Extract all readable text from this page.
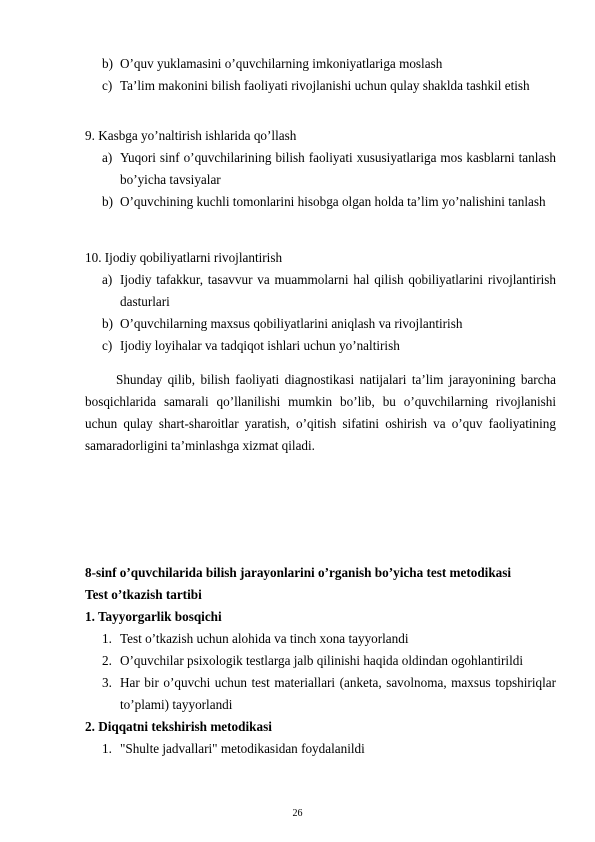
b) O’quv yuklamasini o’quvchilarning imkoniyatlariga moslash
c) Ta’lim makonini bilish faoliyati rivojlanishi uchun qulay shaklda tashkil etish
9. Kasbga yo’naltirish ishlarida qo’llash
a) Yuqori sinf o’quvchilarining bilish faoliyati xususiyatlariga mos kasblarni tanlash bo’yicha tavsiyalar
b) O’quvchining kuchli tomonlarini hisobga olgan holda ta’lim yo’nalishini tanlash
10. Ijodiy qobiliyatlarni rivojlantirish
a) Ijodiy tafakkur, tasavvur va muammolarni hal qilish qobiliyatlarini rivojlantirish dasturlari
b) O’quvchilarning maxsus qobiliyatlarini aniqlash va rivojlantirish
c) Ijodiy loyihalar va tadqiqot ishlari uchun yo’naltirish
Shunday qilib, bilish faoliyati diagnostikasi natijalari ta’lim jarayonining barcha bosqichlarida samarali qo’llanilishi mumkin bo’lib, bu o’quvchilarning rivojlanishi uchun qulay shart-sharoitlar yaratish, o’qitish sifatini oshirish va o’quv faoliyatining samaradorligini ta’minlashga xizmat qiladi.
8-sinf o’quvchilarida bilish jarayonlarini o’rganish bo’yicha test metodikasi
Test o’tkazish tartibi
1. Tayyorgarlik bosqichi
1. Test o’tkazish uchun alohida va tinch xona tayyorlandi
2. O’quvchilar psixologik testlarga jalb qilinishi haqida oldindan ogohlantirildi
3. Har bir o’quvchi uchun test materiallari (anketa, savolnoma, maxsus topshiriqlar to’plami) tayyorlandi
2. Diqqatni tekshirish metodikasi
1. "Shulte jadvallari" metodikasidan foydalanildi
26
